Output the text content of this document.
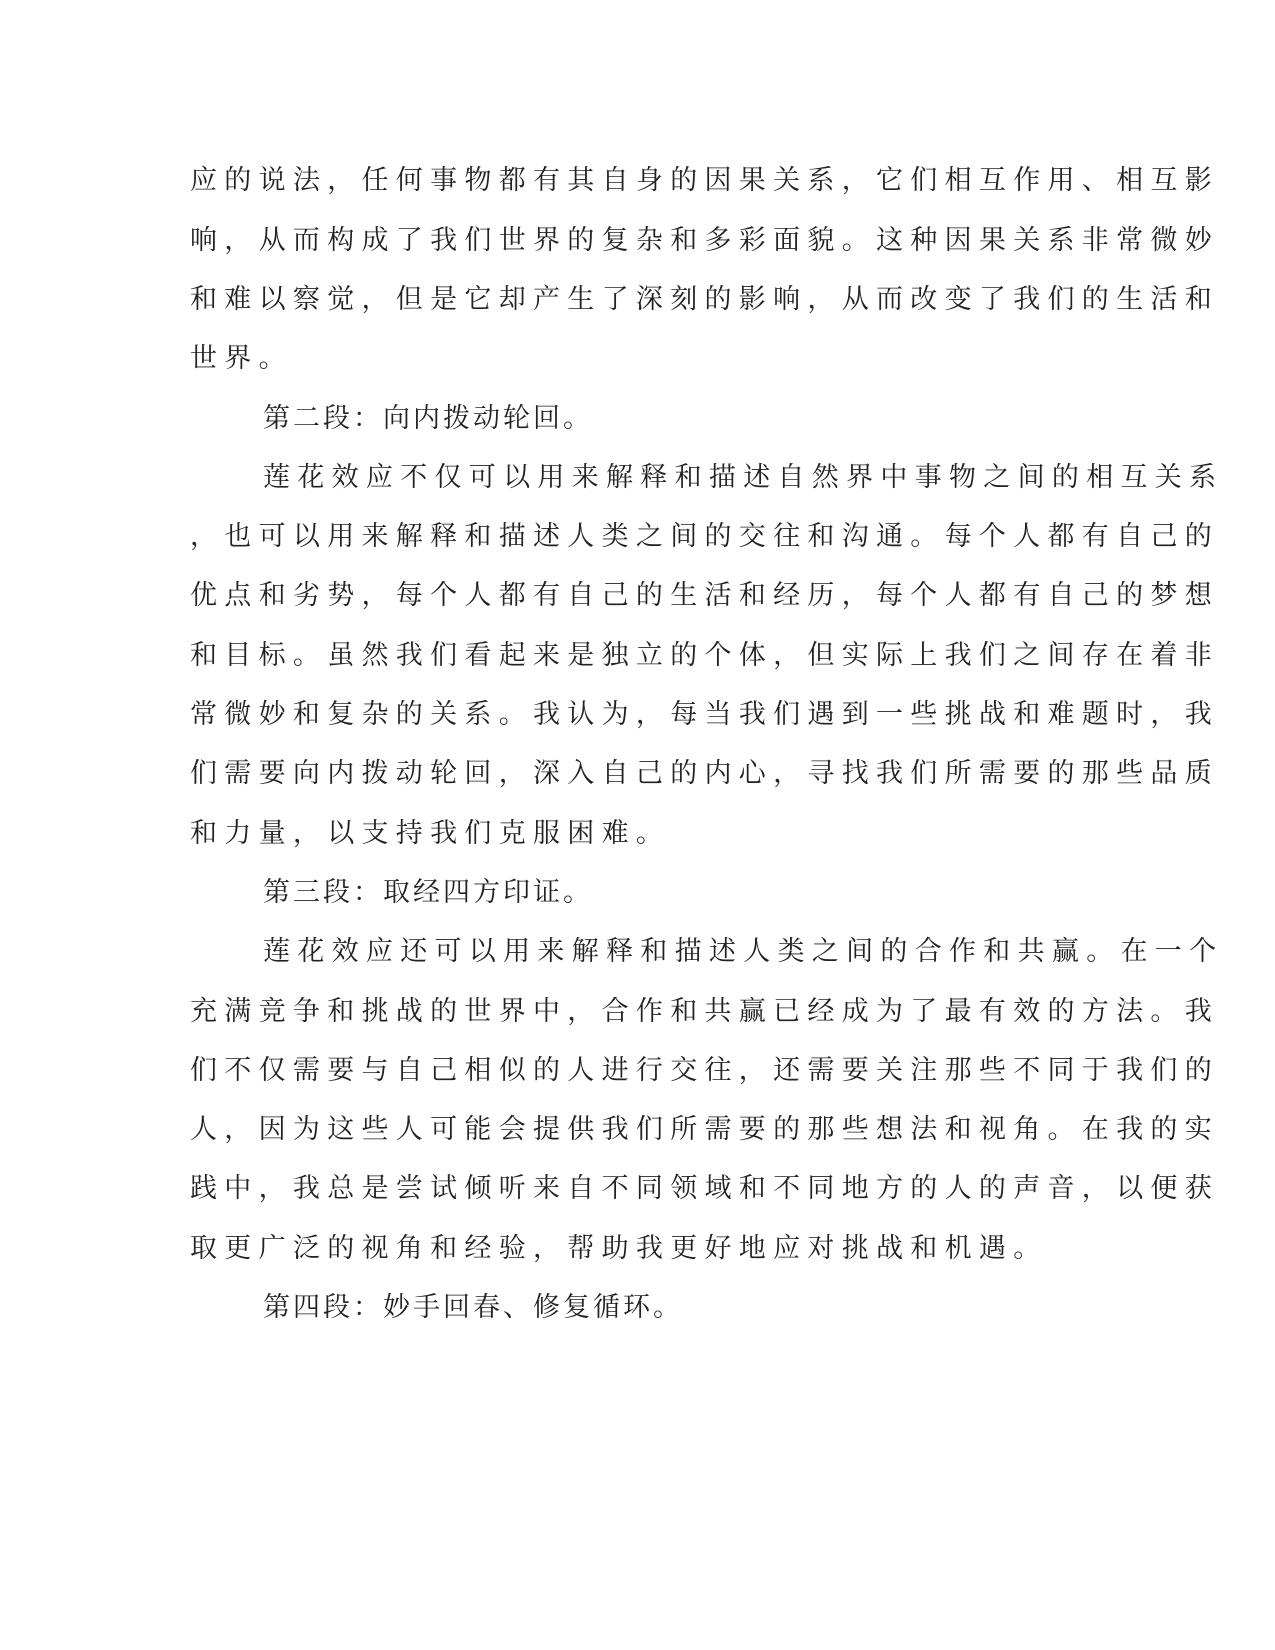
应的说法，任何事物都有其自身的因果关系，它们相互作用、相互影

响，从而构成了我们世界的复杂和多彩面貌。这种因果关系非常微妙

和难以察觉，但是它却产生了深刻的影响，从而改变了我们的生活和

世界。

第二段：向内拨动轮回。

莲花效应不仅可以用来解释和描述自然界中事物之间的相互关系

，也可以用来解释和描述人类之间的交往和沟通。每个人都有自己的

优点和劣势，每个人都有自己的生活和经历，每个人都有自己的梦想

和目标。虽然我们看起来是独立的个体，但实际上我们之间存在着非

常微妙和复杂的关系。我认为，每当我们遇到一些挑战和难题时，我

们需要向内拨动轮回，深入自己的内心，寻找我们所需要的那些品质

和力量，以支持我们克服困难。

第三段：取经四方印证。

莲花效应还可以用来解释和描述人类之间的合作和共赢。在一个

充满竞争和挑战的世界中，合作和共赢已经成为了最有效的方法。我

们不仅需要与自己相似的人进行交往，还需要关注那些不同于我们的

人，因为这些人可能会提供我们所需要的那些想法和视角。在我的实

践中，我总是尝试倾听来自不同领域和不同地方的人的声音，以便获

取更广泛的视角和经验，帮助我更好地应对挑战和机遇。

第四段：妙手回春、修复循环。
